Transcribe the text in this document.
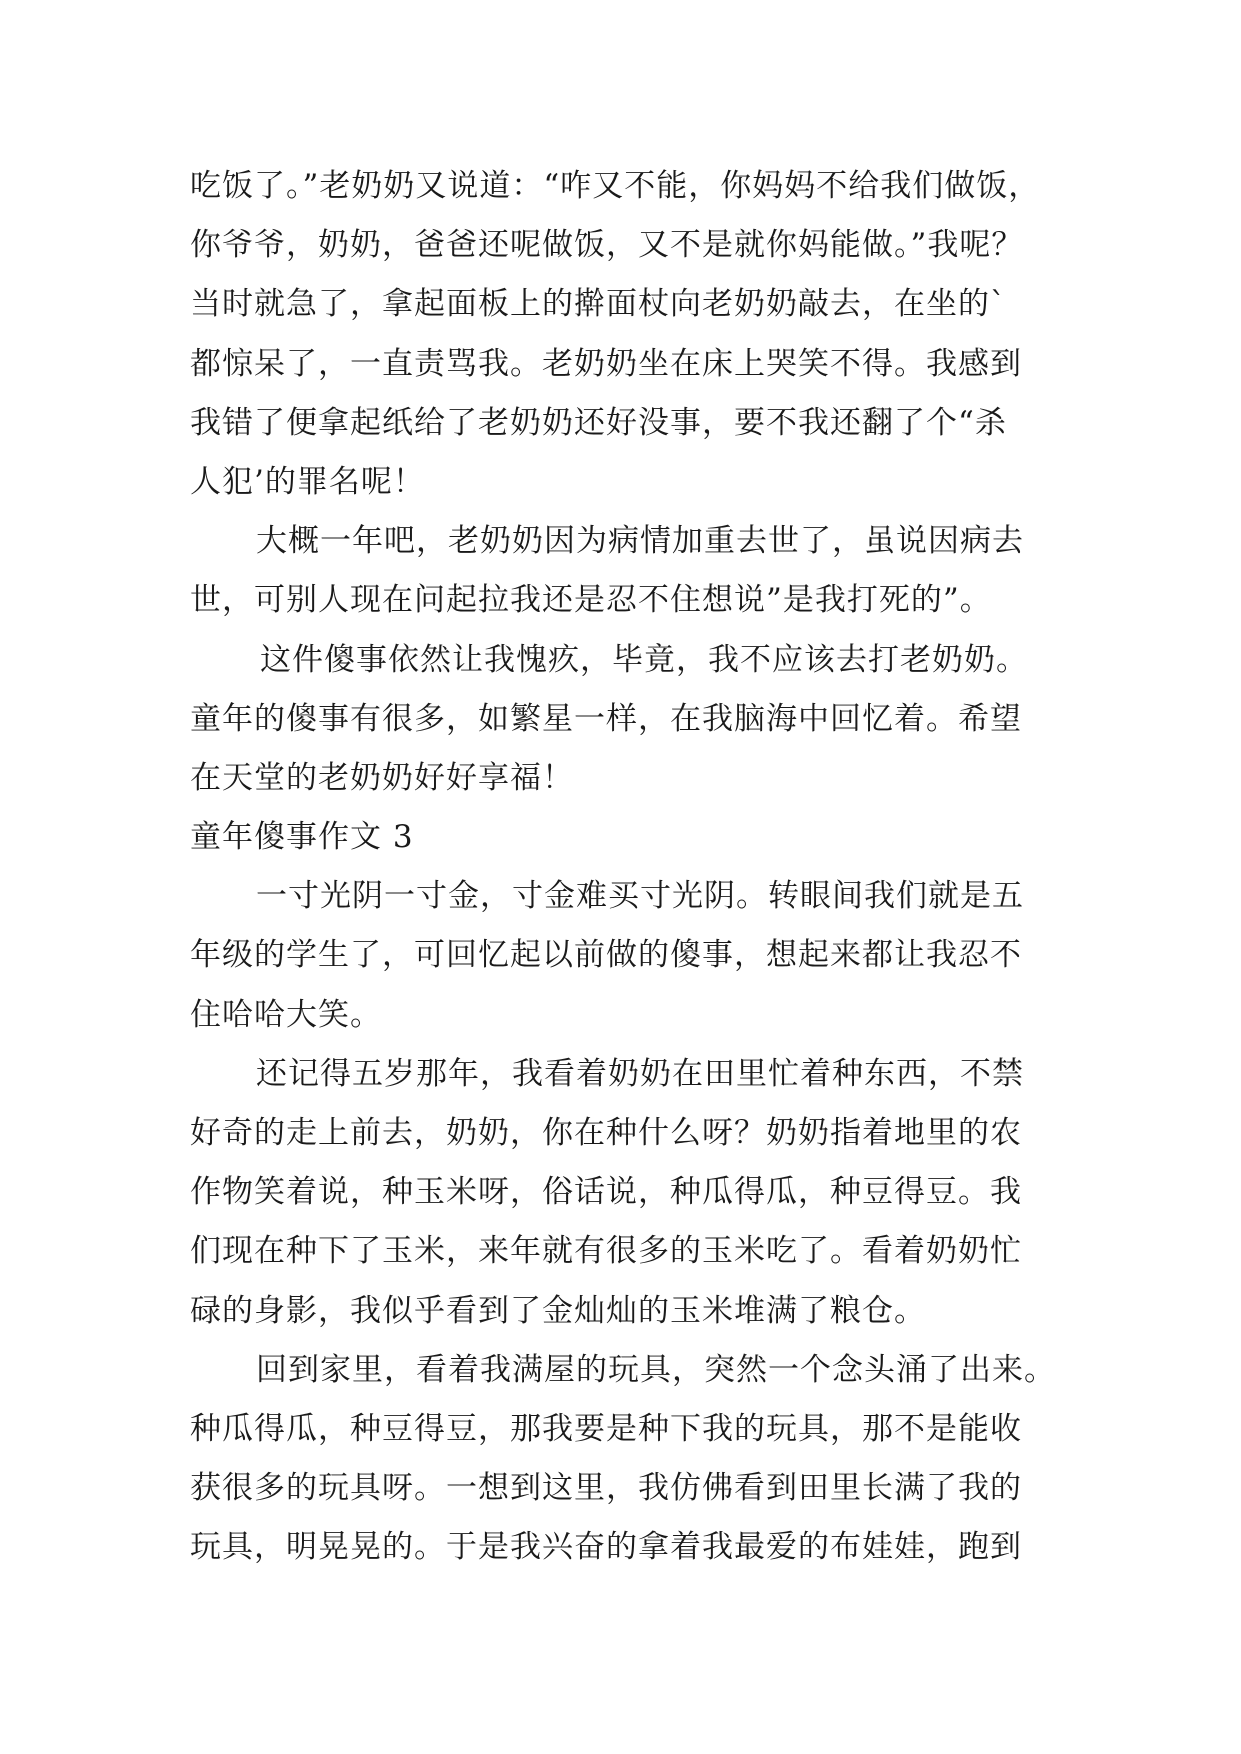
吃饭了。”老奶奶又说道：“咋又不能，你妈妈不给我们做饭，
你爷爷，奶奶，爸爸还呢做饭，又不是就你妈能做。”我呢？
当时就急了，拿起面板上的擀面杖向老奶奶敲去，在坐的`
都惊呆了，一直责骂我。老奶奶坐在床上哭笑不得。我感到
我错了便拿起纸给了老奶奶还好没事，要不我还翻了个“杀
人犯’的罪名呢！
大概一年吧，老奶奶因为病情加重去世了，虽说因病去
世，可别人现在问起拉我还是忍不住想说”是我打死的”。
这件傻事依然让我愧疚，毕竟，我不应该去打老奶奶。
童年的傻事有很多，如繁星一样，在我脑海中回忆着。希望
在天堂的老奶奶好好享福！
童年傻事作文 3
一寸光阴一寸金，寸金难买寸光阴。转眼间我们就是五
年级的学生了，可回忆起以前做的傻事，想起来都让我忍不
住哈哈大笑。
还记得五岁那年，我看着奶奶在田里忙着种东西，不禁
好奇的走上前去，奶奶，你在种什么呀？奶奶指着地里的农
作物笑着说，种玉米呀，俗话说，种瓜得瓜，种豆得豆。我
们现在种下了玉米，来年就有很多的玉米吃了。看着奶奶忙
碌的身影，我似乎看到了金灿灿的玉米堆满了粮仓。
回到家里，看着我满屋的玩具，突然一个念头涌了出来。
种瓜得瓜，种豆得豆，那我要是种下我的玩具，那不是能收
获很多的玩具呀。一想到这里，我仿佛看到田里长满了我的
玩具，明晃晃的。于是我兴奋的拿着我最爱的布娃娃，跑到
